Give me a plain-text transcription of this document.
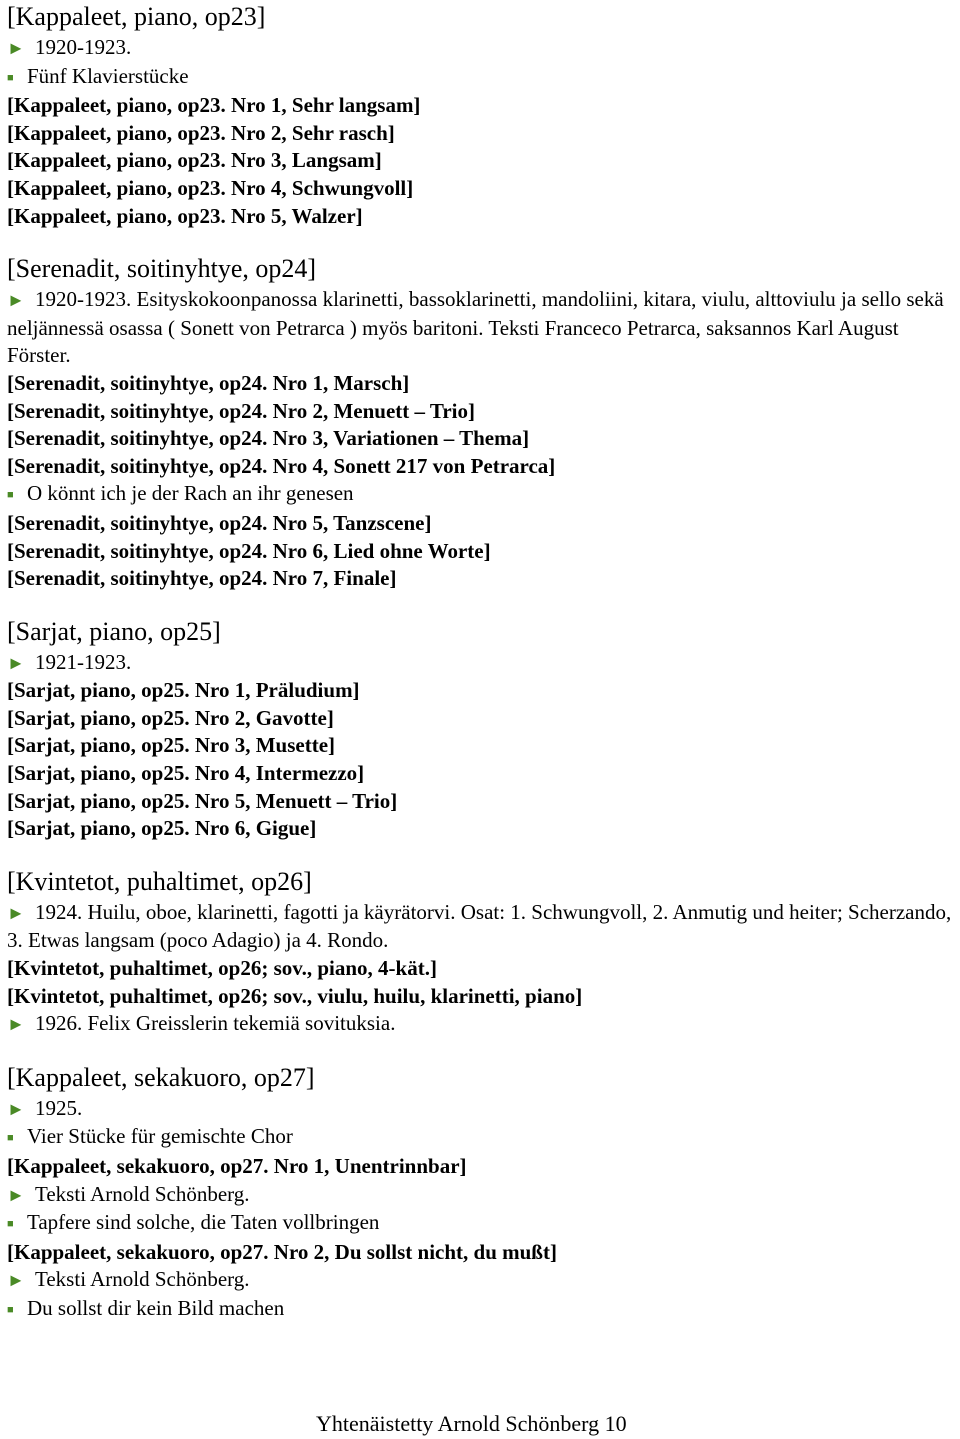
[Kappaleet, piano, op23]
► 1920-1923.
■ Fünf Klavierstücke
[Kappaleet, piano, op23. Nro 1, Sehr langsam]
[Kappaleet, piano, op23. Nro 2, Sehr rasch]
[Kappaleet, piano, op23. Nro 3, Langsam]
[Kappaleet, piano, op23. Nro 4, Schwungvoll]
[Kappaleet, piano, op23. Nro 5, Walzer]
[Serenadit, soitinyhtye, op24]
► 1920-1923. Esityskokoonpanossa klarinetti, bassoklarinetti, mandoliini, kitara, viulu, alttoviulu ja sello sekä neljännessä osassa ( Sonett von Petrarca ) myös baritoni. Teksti Franceco Petrarca, saksannos Karl August Förster.
[Serenadit, soitinyhtye, op24. Nro 1, Marsch]
[Serenadit, soitinyhtye, op24. Nro 2, Menuett – Trio]
[Serenadit, soitinyhtye, op24. Nro 3, Variationen – Thema]
[Serenadit, soitinyhtye, op24. Nro 4, Sonett 217 von Petrarca]
■ O könnt ich je der Rach an ihr genesen
[Serenadit, soitinyhtye, op24. Nro 5, Tanzscene]
[Serenadit, soitinyhtye, op24. Nro 6, Lied ohne Worte]
[Serenadit, soitinyhtye, op24. Nro 7, Finale]
[Sarjat, piano, op25]
► 1921-1923.
[Sarjat, piano, op25. Nro 1, Präludium]
[Sarjat, piano, op25. Nro 2, Gavotte]
[Sarjat, piano, op25. Nro 3, Musette]
[Sarjat, piano, op25. Nro 4, Intermezzo]
[Sarjat, piano, op25. Nro 5, Menuett – Trio]
[Sarjat, piano, op25. Nro 6, Gigue]
[Kvintetot, puhaltimet, op26]
► 1924. Huilu, oboe, klarinetti, fagotti ja käyrätorvi. Osat: 1. Schwungvoll, 2. Anmutig und heiter; Scherzando, 3. Etwas langsam (poco Adagio) ja 4. Rondo.
[Kvintetot, puhaltimet, op26; sov., piano, 4-kät.]
[Kvintetot, puhaltimet, op26; sov., viulu, huilu, klarinetti, piano]
► 1926. Felix Greisslerin tekemiä sovituksia.
[Kappaleet, sekakuoro, op27]
► 1925.
■ Vier Stücke für gemischte Chor
[Kappaleet, sekakuoro, op27. Nro 1, Unentrinnbar]
► Teksti Arnold Schönberg.
■ Tapfere sind solche, die Taten vollbringen
[Kappaleet, sekakuoro, op27. Nro 2, Du sollst nicht, du mußt]
► Teksti Arnold Schönberg.
■ Du sollst dir kein Bild machen
Yhtenäistetty Arnold Schönberg 10
